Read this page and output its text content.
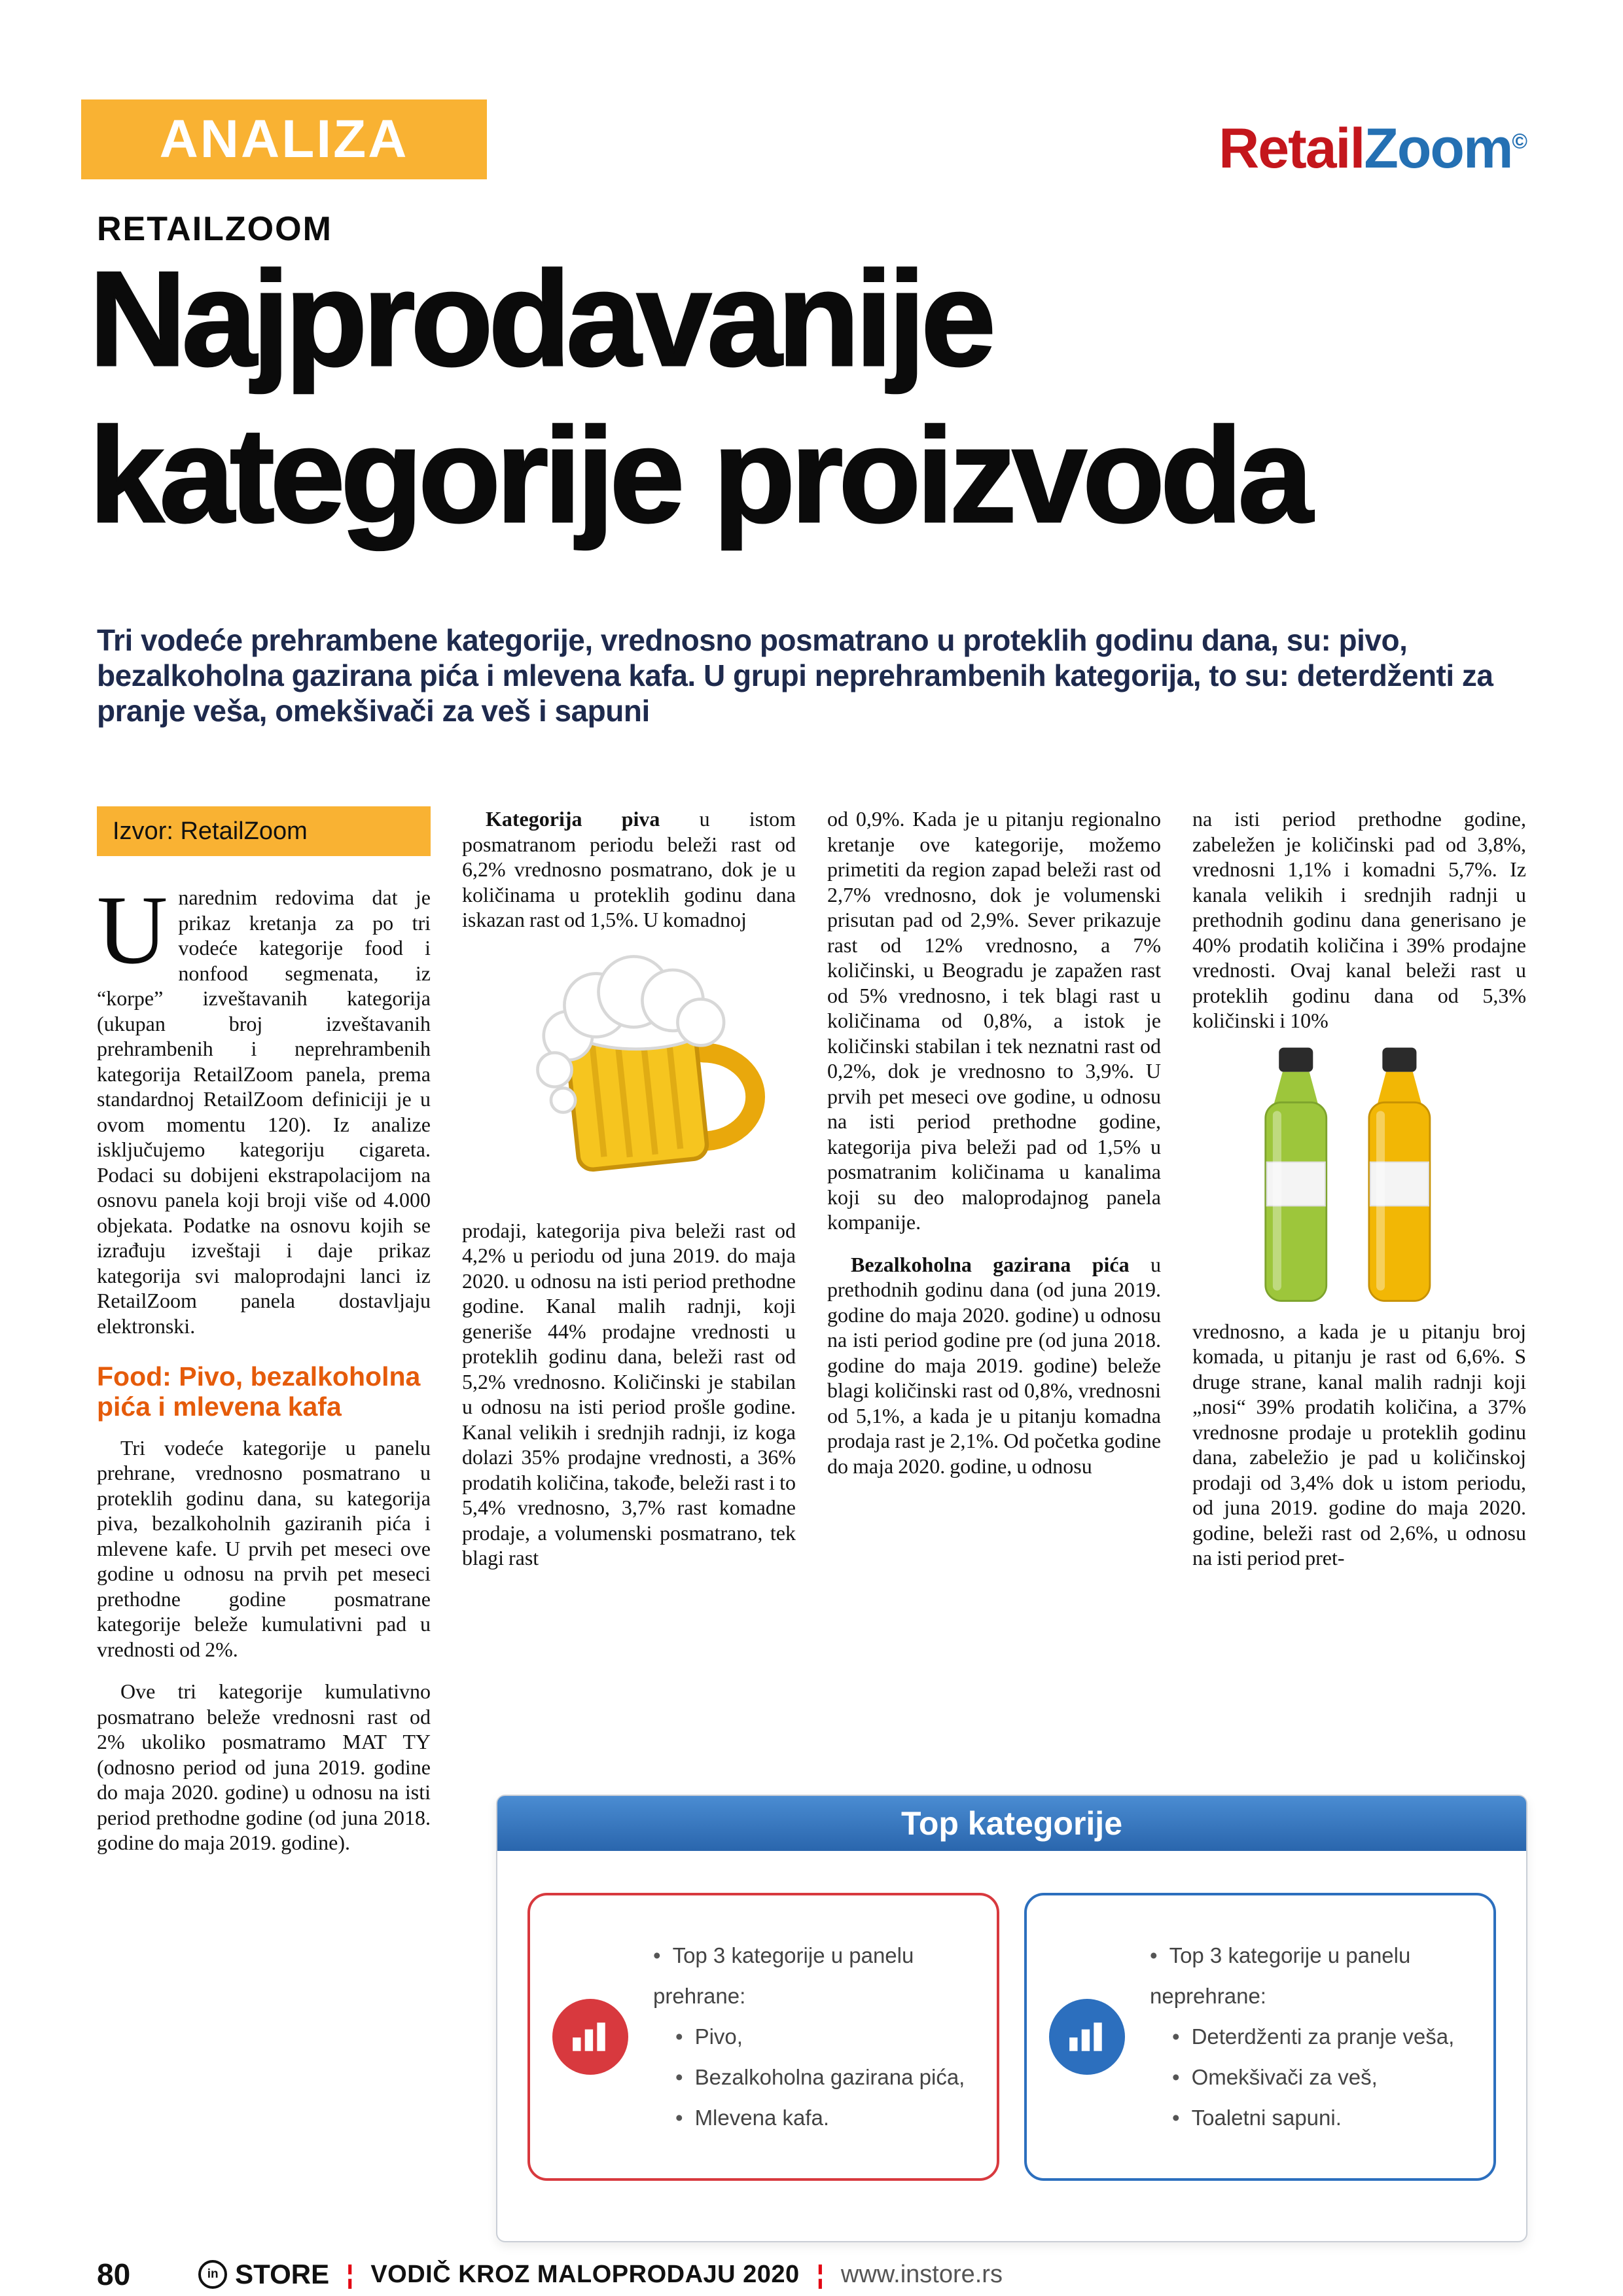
ANALIZA	RetailZoom©
RETAILZOOM
Najprodavanije
kategorije proizvoda

Tri vodeće prehrambene kategorije, vrednosno posmatrano u proteklih godinu dana, su: pivo, bezalkoholna gazirana pića i mlevena kafa. U grupi neprehrambenih kategorija, to su: deterdženti za pranje veša, omekšivači za veš i sapuni

Izvor: RetailZoom

Unarednim redovima dat je prikaz kretanja za po tri vodeće kategorije food i nonfood segmenata, iz “korpe” izveštavanih kategorija (ukupan broj izveštavanih prehrambenih i neprehrambenih kategorija RetailZoom panela, prema standardnoj RetailZoom definiciji je u ovom momentu 120). Iz analize isključujemo kategoriju cigareta. Podaci su dobijeni ekstrapolacijom na osnovu panela koji broji više od 4.000 objekata. Podatke na osnovu kojih se izrađuju izveštaji i daje prikaz kategorija svi maloprodajni lanci iz RetailZoom panela dostavljaju elektronski.

Food: Pivo, bezalkoholna pića i mlevena kafa

Tri vodeće kategorije u panelu prehrane, vrednosno posmatrano u proteklih godinu dana, su kategorija piva, bezalkoholnih gaziranih pića i mlevene kafe. U prvih pet meseci ove godine u odnosu na prvih pet meseci prethodne godine posmatrane kategorije beleže kumulativni pad u vrednosti od 2%.

Ove tri kategorije kumulativno posmatrano beleže vrednosni rast od 2% ukoliko posmatramo MAT TY (odnosno period od juna 2019. godine do maja 2020. godine) u odnosu na isti period prethodne godine (od juna 2018. godine do maja 2019. godine).

Kategorija piva u istom posmatranom periodu beleži rast od 6,2% vrednosno posmatrano, dok je u količinama u proteklih godinu dana iskazan rast od 1,5%. U komadnoj

prodaji, kategorija piva beleži rast od 4,2% u periodu od juna 2019. do maja 2020. u odnosu na isti period prethodne godine. Kanal malih radnji, koji generiše 44% prodajne vrednosti u proteklih godinu dana, beleži rast od 5,2% vrednosno. Količinski je stabilan u odnosu na isti period prošle godine. Kanal velikih i srednjih radnji, iz koga dolazi 35% prodajne vrednosti, a 36% prodatih količina, takođe, beleži rast i to 5,4% vrednosno, 3,7% rast komadne prodaje, a volumenski posmatrano, tek blagi rast

od 0,9%. Kada je u pitanju regionalno kretanje ove kategorije, možemo primetiti da region zapad beleži rast od 2,7% vrednosno, dok je volumenski prisutan pad od 2,9%. Sever prikazuje rast od 12% vrednosno, a 7% količinski, u Beogradu je zapažen rast od 5% vrednosno, i tek blagi rast u količinama od 0,8%, a istok je količinski stabilan i tek neznatni rast od 0,2%, dok je vrednosno to 3,9%. U prvih pet meseci ove godine, u odnosu na isti period prethodne godine, kategorija piva beleži pad od 1,5% u posmatranim količinama u kanalima koji su deo maloprodajnog panela kompanije.

Bezalkoholna gazirana pića u prethodnih godinu dana (od juna 2019. godine do maja 2020. godine) u odnosu na isti period godine pre (od juna 2018. godine do maja 2019. godine) beleže blagi količinski rast od 0,8%, vrednosni od 5,1%, a kada je u pitanju komadna prodaja rast je 2,1%. Od početka godine do maja 2020. godine, u odnosu

na isti period prethodne godine, zabeležen je količinski pad od 3,8%, vrednosni 1,1% i komadni 5,7%. Iz kanala velikih i srednjih radnji u prethodnih godinu dana generisano je 40% prodatih količina i 39% prodajne vrednosti. Ovaj kanal beleži rast u proteklih godinu dana od 5,3% količinski i 10%

vrednosno, a kada je u pitanju broj komada, u pitanju je rast od 6,6%. S druge strane, kanal malih radnji koji „nosi“ 39% prodatih količina, a 37% vrednosne prodaje u proteklih godinu dana, zabeležio je pad u količinskoj prodaji od 3,4% dok u istom periodu, od juna 2019. godine do maja 2020. godine, beleži rast od 2,6%, u odnosu na isti period pret-

Top kategorije
• Top 3 kategorije u panelu prehrane:
• Pivo,
• Bezalkoholna gazirana pića,
• Mlevena kafa.
• Top 3 kategorije u panelu neprehrane:
• Deterdženti za pranje veša,
• Omekšivači za veš,
• Toaletni sapuni.
80	in STORE ¦ VODIČ KROZ MALOPRODAJU 2020 ¦ www.instore.rs
